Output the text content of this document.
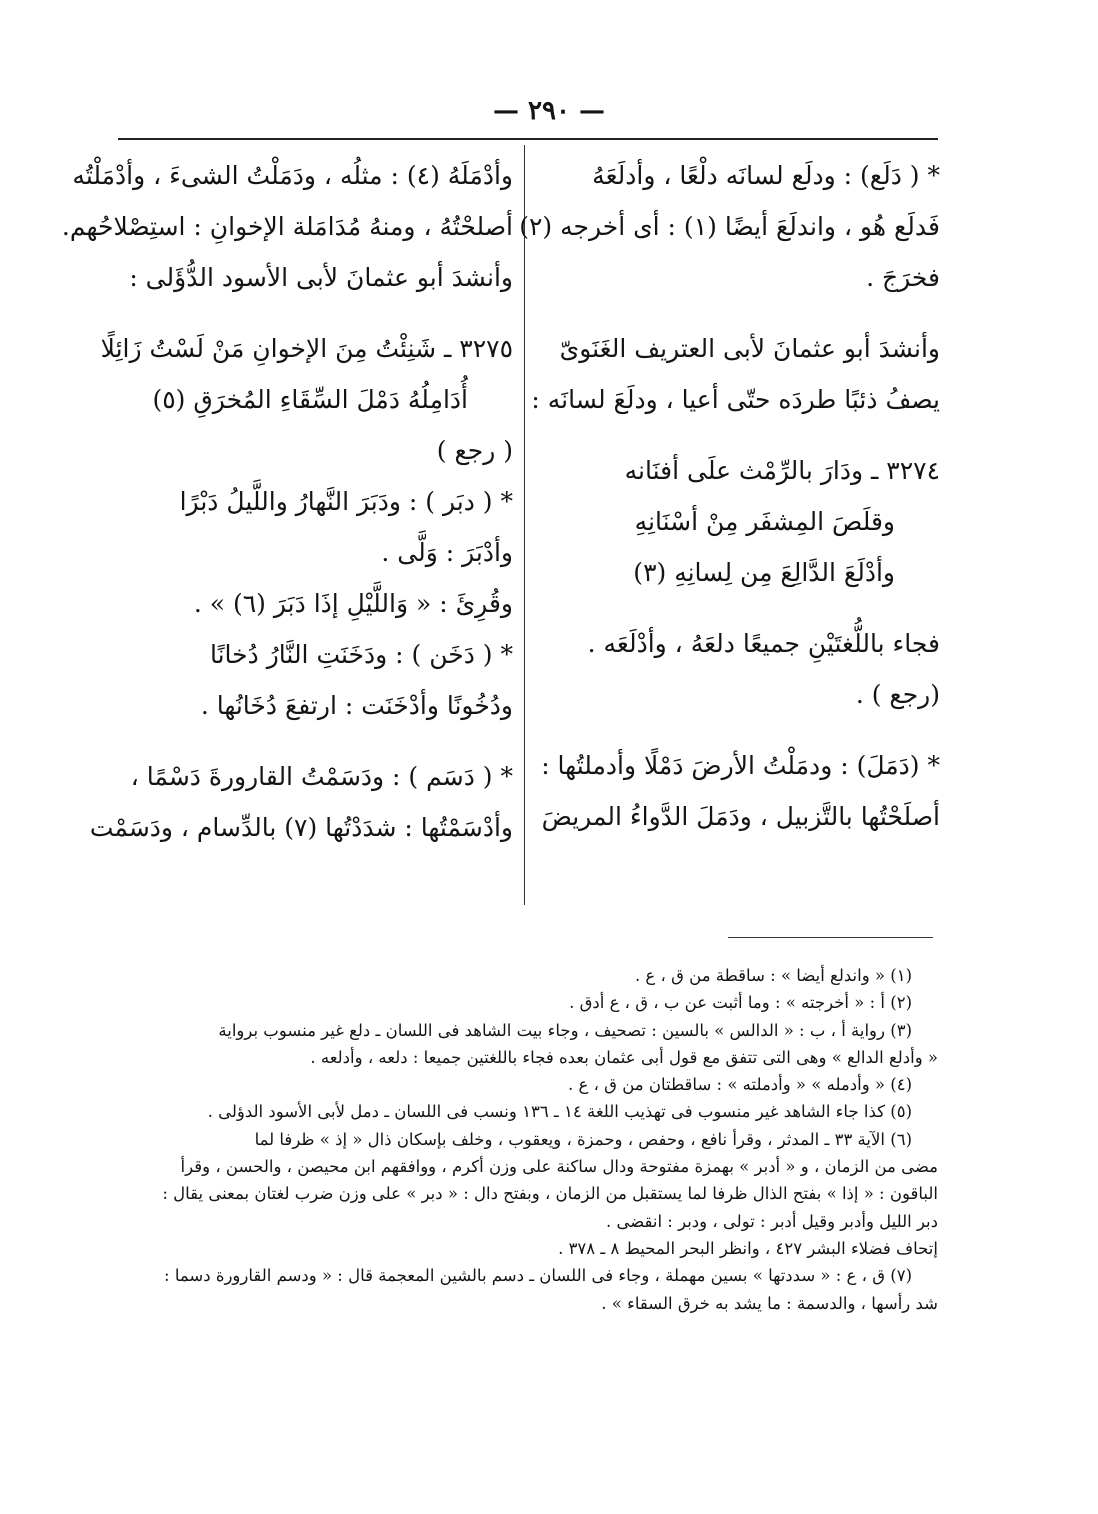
— ٢٩٠ —
* ( دَلَع) : ودلَع لسانَه دلْعًا ، وأدلَعَهُ
فَدلَع هُو ، واندلَعَ أيضًا (١) : أى أخرجه (٢)
فخرَجَ .
وأنشدَ أبو عثمانَ لأبى العتريف الغَنَوىّ
يصفُ ذئبًا طردَه حتّى أعيا ، ودلَعَ لسانَه :
٣٢٧٤ ـ ودَارَ بالرِّمْث علَى أفنَانه
وقلَصَ المِشفَر مِنْ أسْنَانِهِ
وأدْلَعَ الدَّالِعَ مِن لِسانِهِ (٣)
فجاء باللُّغتَيْنِ جميعًا دلعَهُ ، وأدْلَعَه .
(رجع ) .
* (دَمَلَ) : ودمَلْتُ الأرضَ دَمْلًا وأدملتُها :
أصلَحْتُها بالتَّزبيل ، ودَمَلَ الدَّواءُ المريضَ
وأدْمَلَهُ (٤) : مثلُه ، ودَمَلْتُ الشىءَ ، وأدْمَلْتُه
أصلحْتُهُ ، ومنهُ مُدَامَلة الإخوانِ : استِصْلاحُهم.
وأنشدَ أبو عثمانَ لأبى الأسود الدُّؤَلى :
٣٢٧٥ ـ شَنِئْتُ مِنَ الإخوانِ مَنْ لَسْتُ زَائِلًا
أُدَامِلُهُ دَمْلَ السِّقَاءِ المُخرَقِ (٥)
( رجع )
* ( دبَر ) : ودَبَرَ النَّهارُ واللَّيلُ دَبْرًا
وأدْبَرَ : وَلَّى .
وقُرِئَ : « وَاللَّيْلِ إذَا دَبَرَ (٦) » .
* ( دَخَن ) : ودَخَنَتِ النَّارُ دُخانًا
ودُخُونًا وأدْخَنَت : ارتفعَ دُخَانُها .
* ( دَسَم ) : ودَسَمْتُ القارورةَ دَسْمًا ،
وأدْسَمْتُها : شدَدْتُها (٧) بالدِّسام ، ودَسَمْت
(١) « واندلع أيضا » : ساقطة من ق ، ع .
(٢) أ : « أخرجته » : وما أثبت عن ب ، ق ، ع أدق .
(٣) رواية أ ، ب : « الدالس » بالسين : تصحيف ، وجاء بيت الشاهد فى اللسان ـ دلع غير منسوب برواية
« وأدلع الدالع » وهى التى تتفق مع قول أبى عثمان بعده فجاء باللغتين جميعا : دلعه ، وأدلعه .
(٤) « وأدمله » « وأدملته » : ساقطتان من ق ، ع .
(٥) كذا جاء الشاهد غير منسوب فى تهذيب اللغة ١٤ ـ ١٣٦ ونسب فى اللسان ـ دمل لأبى الأسود الدؤلى .
(٦) الآية ٣٣ ـ المدثر ، وقرأ نافع ، وحفص ، وحمزة ، ويعقوب ، وخلف بإسكان ذال « إذ » ظرفا لما
مضى من الزمان ، و « أدبر » بهمزة مفتوحة ودال ساكنة على وزن أكرم ، ووافقهم ابن محيصن ، والحسن ، وقرأ
الباقون : « إذا » بفتح الذال ظرفا لما يستقبل من الزمان ، وبفتح دال : « دبر » على وزن ضرب لغتان بمعنى يقال :
دبر الليل وأدبر وقيل أدبر : تولى ، ودبر : انقضى .
إتحاف فضلاء البشر ٤٢٧ ، وانظر البحر المحيط ٨ ـ ٣٧٨ .
(٧) ق ، ع : « سددتها » بسين مهملة ، وجاء فى اللسان ـ دسم بالشين المعجمة قال : « ودسم القارورة دسما :
شد رأسها ، والدسمة : ما يشد به خرق السقاء » .
